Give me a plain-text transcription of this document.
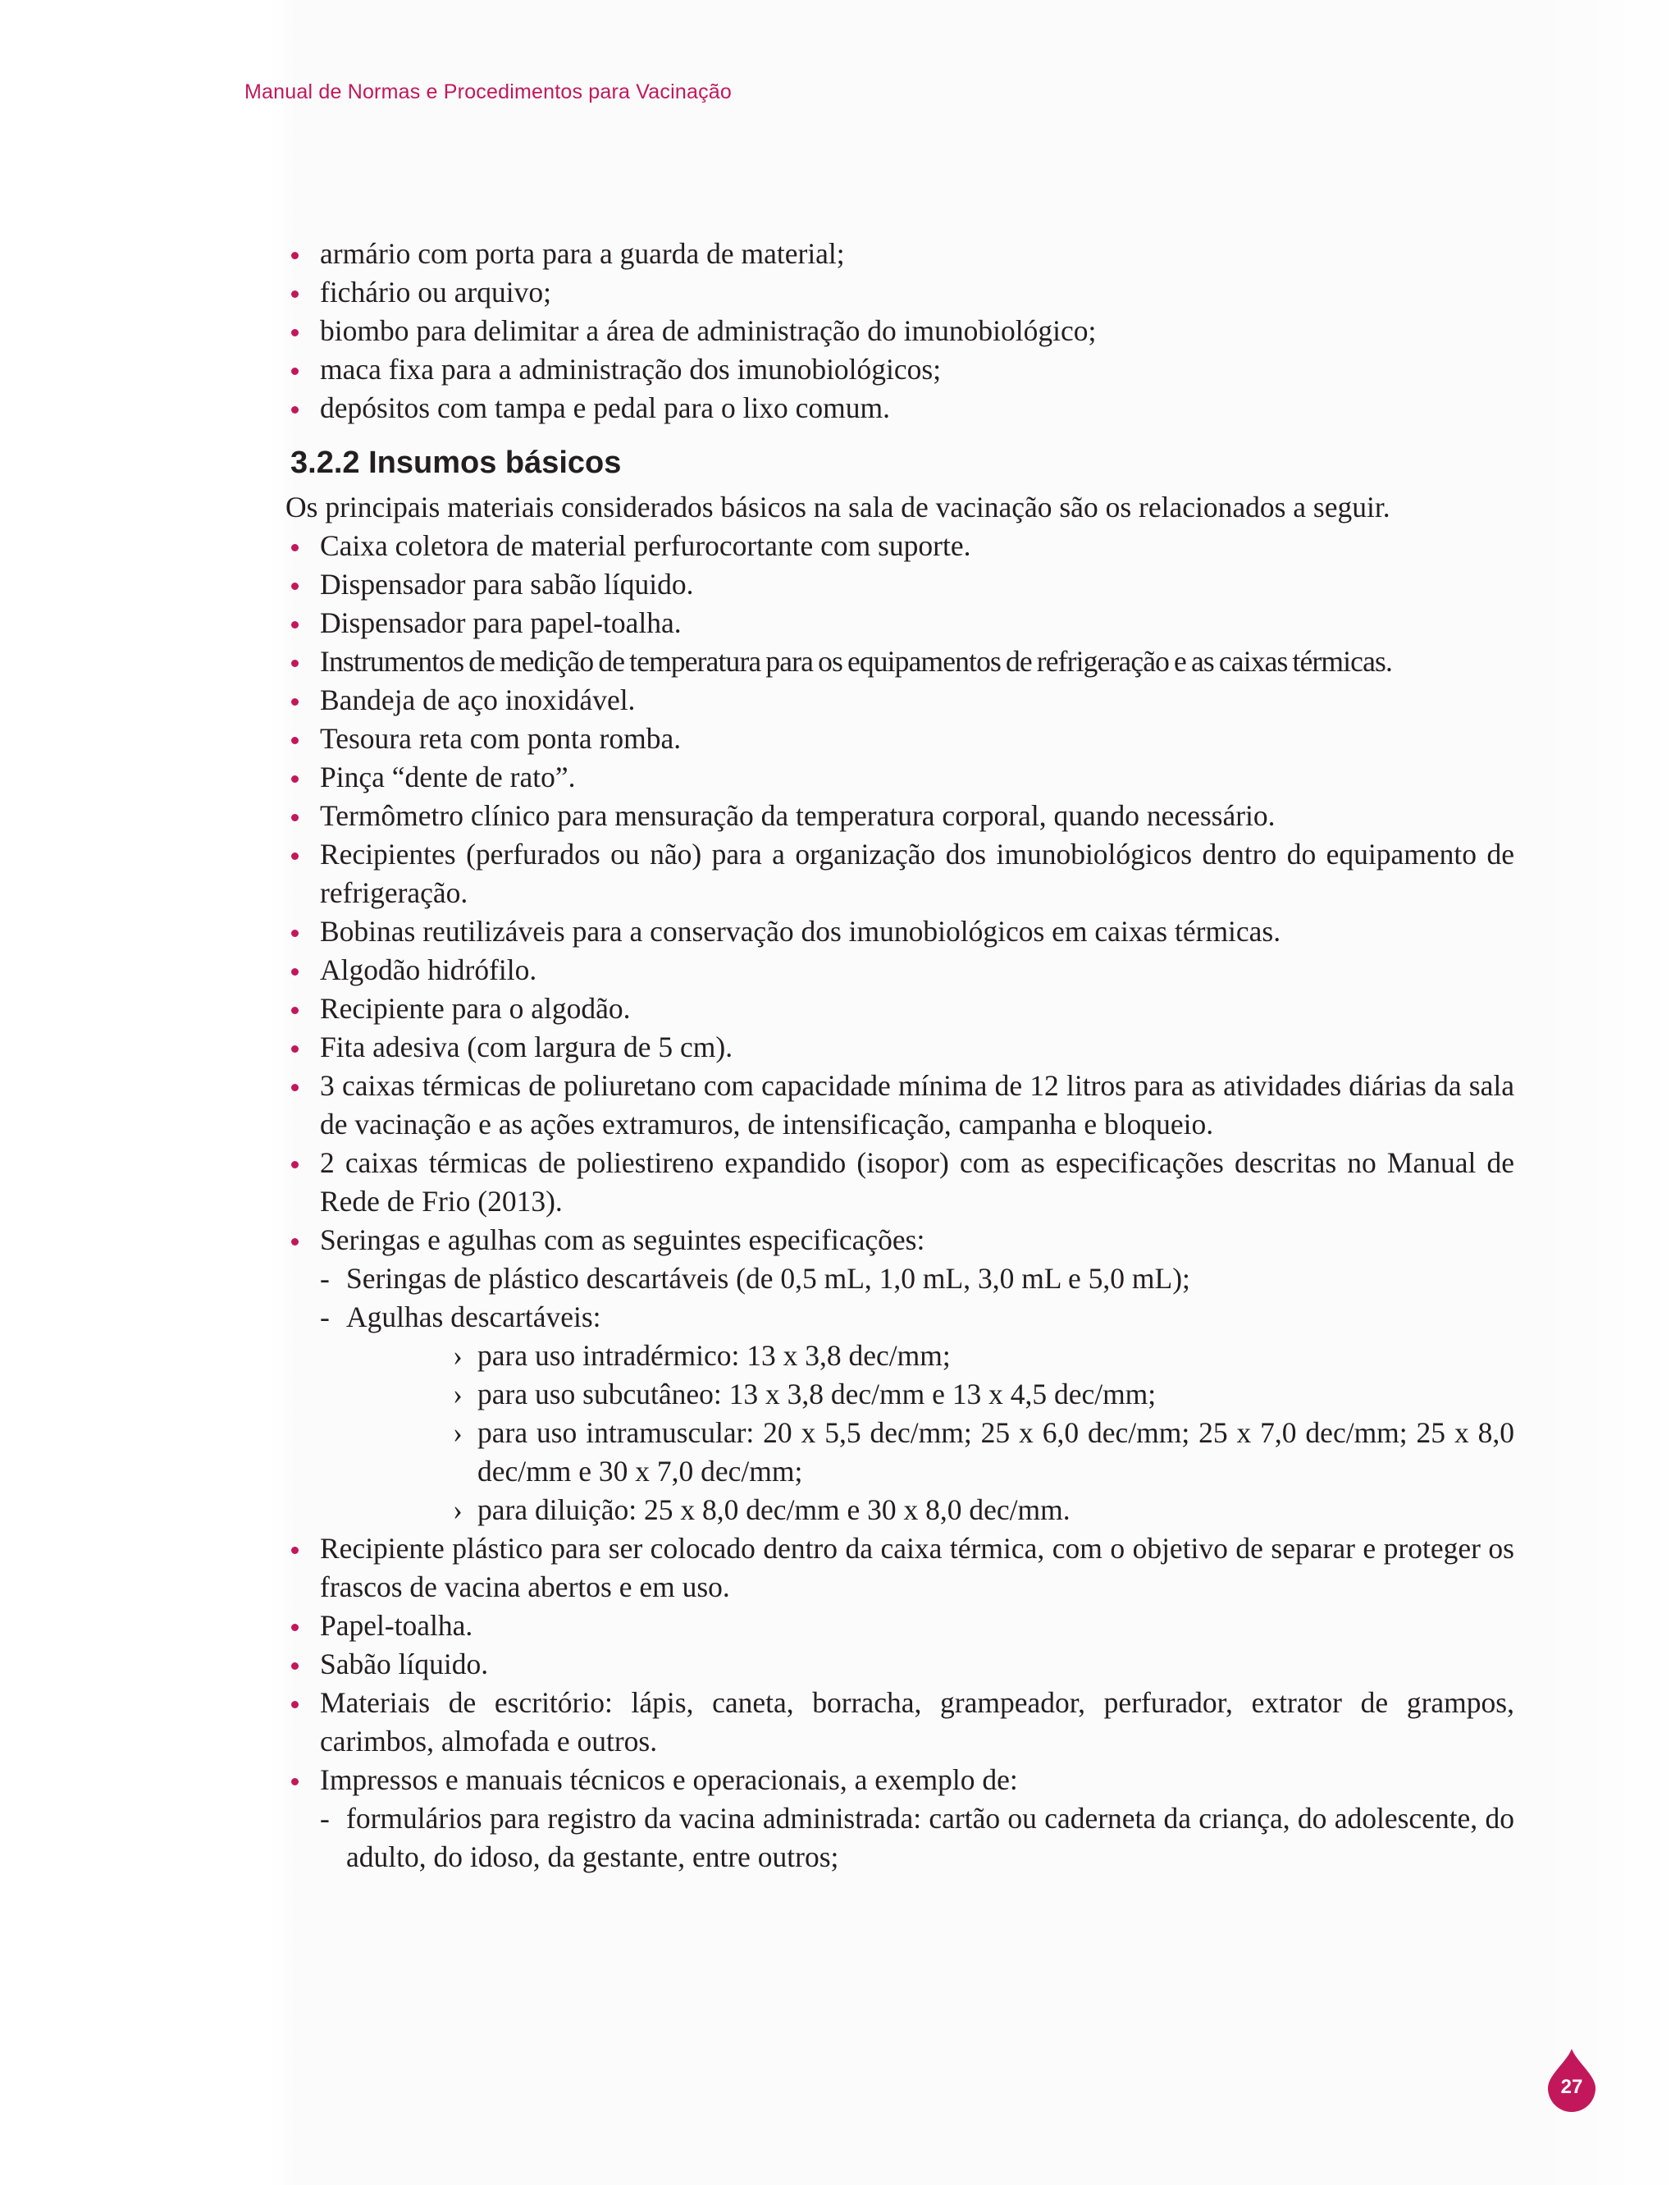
Manual de Normas e Procedimentos para Vacinação
armário com porta para a guarda de material;
fichário ou arquivo;
biombo para delimitar a área de administração do imunobiológico;
maca fixa para a administração dos imunobiológicos;
depósitos com tampa e pedal para o lixo comum.
3.2.2 Insumos básicos

Os principais materiais considerados básicos na sala de vacinação são os relacionados a seguir.

Caixa coletora de material perfurocortante com suporte.
Dispensador para sabão líquido.
Dispensador para papel-toalha.
Instrumentos de medição de temperatura para os equipamentos de refrigeração e as caixas térmicas.
Bandeja de aço inoxidável.
Tesoura reta com ponta romba.
Pinça “dente de rato”.
Termômetro clínico para mensuração da temperatura corporal, quando necessário.
Recipientes (perfurados ou não) para a organização dos imunobiológicos dentro do equipamento de refrigeração.
Bobinas reutilizáveis para a conservação dos imunobiológicos em caixas térmicas.
Algodão hidrófilo.
Recipiente para o algodão.
Fita adesiva (com largura de 5 cm).
3 caixas térmicas de poliuretano com capacidade mínima de 12 litros para as atividades diárias da sala de vacinação e as ações extramuros, de intensificação, campanha e bloqueio.
2 caixas térmicas de poliestireno expandido (isopor) com as especificações descritas no Manual de Rede de Frio (2013).
Seringas e agulhas com as seguintes especificações:
- Seringas de plástico descartáveis (de 0,5 mL, 1,0 mL, 3,0 mL e 5,0 mL);
- Agulhas descartáveis:
› para uso intradérmico: 13 x 3,8 dec/mm;
› para uso subcutâneo: 13 x 3,8 dec/mm e 13 x 4,5 dec/mm;
› para uso intramuscular: 20 x 5,5 dec/mm; 25 x 6,0 dec/mm; 25 x 7,0 dec/mm; 25 x 8,0 dec/mm e 30 x 7,0 dec/mm;
› para diluição: 25 x 8,0 dec/mm e 30 x 8,0 dec/mm.
Recipiente plástico para ser colocado dentro da caixa térmica, com o objetivo de separar e proteger os frascos de vacina abertos e em uso.
Papel-toalha.
Sabão líquido.
Materiais de escritório: lápis, caneta, borracha, grampeador, perfurador, extrator de grampos, carimbos, almofada e outros.
Impressos e manuais técnicos e operacionais, a exemplo de:
- formulários para registro da vacina administrada: cartão ou caderneta da criança, do adolescente, do adulto, do idoso, da gestante, entre outros;
27
